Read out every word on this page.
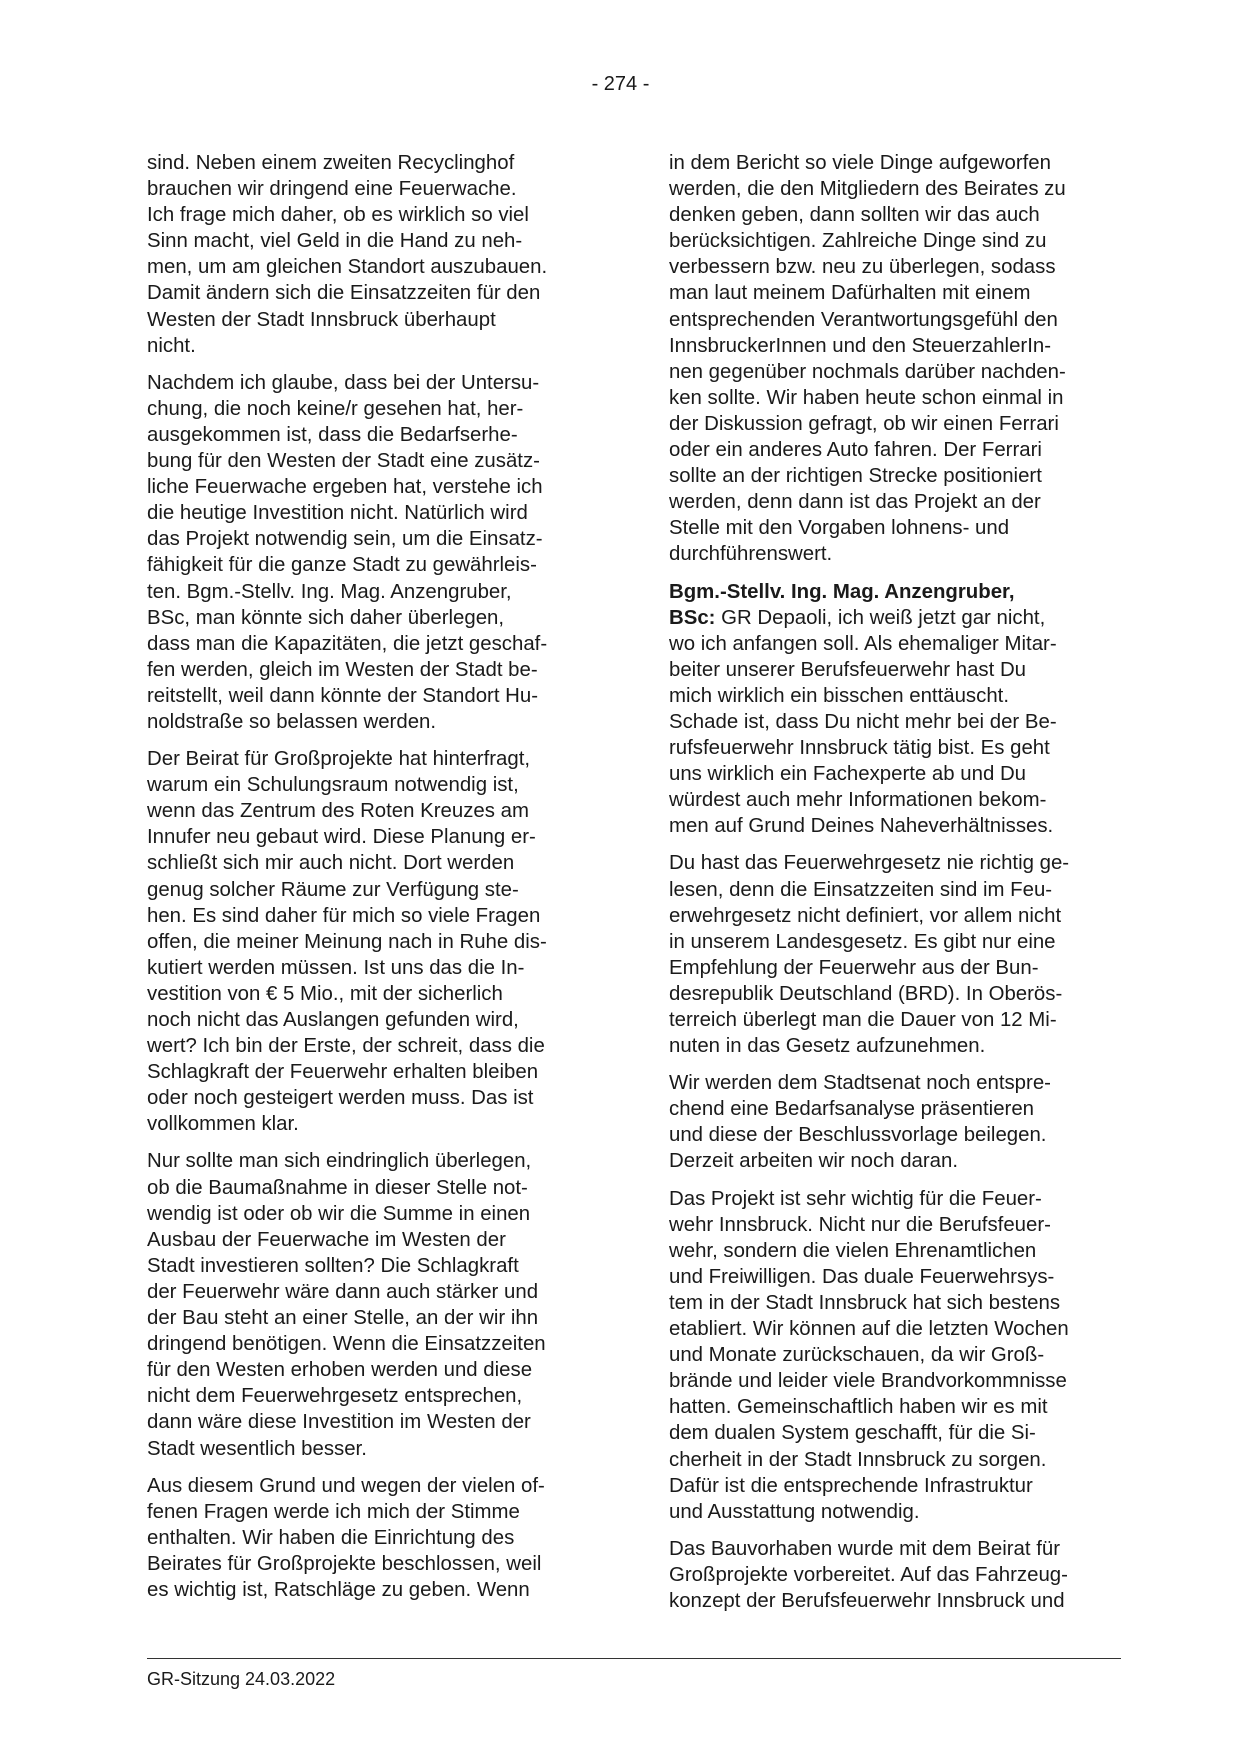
- 274 -

sind. Neben einem zweiten Recyclinghof
brauchen wir dringend eine Feuerwache.
Ich frage mich daher, ob es wirklich so viel
Sinn macht, viel Geld in die Hand zu neh-
men, um am gleichen Standort auszubauen.
Damit ändern sich die Einsatzzeiten für den
Westen der Stadt Innsbruck überhaupt
nicht.

Nachdem ich glaube, dass bei der Untersu-
chung, die noch keine/r gesehen hat, her-
ausgekommen ist, dass die Bedarfserhe-
bung für den Westen der Stadt eine zusätz-
liche Feuerwache ergeben hat, verstehe ich
die heutige Investition nicht. Natürlich wird
das Projekt notwendig sein, um die Einsatz-
fähigkeit für die ganze Stadt zu gewährleis-
ten. Bgm.-Stellv. Ing. Mag. Anzengruber,
BSc, man könnte sich daher überlegen,
dass man die Kapazitäten, die jetzt geschaf-
fen werden, gleich im Westen der Stadt be-
reitstellt, weil dann könnte der Standort Hu-
noldstraße so belassen werden.

Der Beirat für Großprojekte hat hinterfragt,
warum ein Schulungsraum notwendig ist,
wenn das Zentrum des Roten Kreuzes am
Innufer neu gebaut wird. Diese Planung er-
schließt sich mir auch nicht. Dort werden
genug solcher Räume zur Verfügung ste-
hen. Es sind daher für mich so viele Fragen
offen, die meiner Meinung nach in Ruhe dis-
kutiert werden müssen. Ist uns das die In-
vestition von € 5 Mio., mit der sicherlich
noch nicht das Auslangen gefunden wird,
wert? Ich bin der Erste, der schreit, dass die
Schlagkraft der Feuerwehr erhalten bleiben
oder noch gesteigert werden muss. Das ist
vollkommen klar.

Nur sollte man sich eindringlich überlegen,
ob die Baumaßnahme in dieser Stelle not-
wendig ist oder ob wir die Summe in einen
Ausbau der Feuerwache im Westen der
Stadt investieren sollten? Die Schlagkraft
der Feuerwehr wäre dann auch stärker und
der Bau steht an einer Stelle, an der wir ihn
dringend benötigen. Wenn die Einsatzzeiten
für den Westen erhoben werden und diese
nicht dem Feuerwehrgesetz entsprechen,
dann wäre diese Investition im Westen der
Stadt wesentlich besser.

Aus diesem Grund und wegen der vielen of-
fenen Fragen werde ich mich der Stimme
enthalten. Wir haben die Einrichtung des
Beirates für Großprojekte beschlossen, weil
es wichtig ist, Ratschläge zu geben. Wenn

in dem Bericht so viele Dinge aufgeworfen
werden, die den Mitgliedern des Beirates zu
denken geben, dann sollten wir das auch
berücksichtigen. Zahlreiche Dinge sind zu
verbessern bzw. neu zu überlegen, sodass
man laut meinem Dafürhalten mit einem
entsprechenden Verantwortungsgefühl den
InnsbruckerInnen und den SteuerzahlerIn-
nen gegenüber nochmals darüber nachden-
ken sollte. Wir haben heute schon einmal in
der Diskussion gefragt, ob wir einen Ferrari
oder ein anderes Auto fahren. Der Ferrari
sollte an der richtigen Strecke positioniert
werden, denn dann ist das Projekt an der
Stelle mit den Vorgaben lohnens- und
durchführenswert.

Bgm.-Stellv. Ing. Mag. Anzengruber,
BSc: GR Depaoli, ich weiß jetzt gar nicht,
wo ich anfangen soll. Als ehemaliger Mitar-
beiter unserer Berufsfeuerwehr hast Du
mich wirklich ein bisschen enttäuscht.
Schade ist, dass Du nicht mehr bei der Be-
rufsfeuerwehr Innsbruck tätig bist. Es geht
uns wirklich ein Fachexperte ab und Du
würdest auch mehr Informationen bekom-
men auf Grund Deines Naheverhältnisses.

Du hast das Feuerwehrgesetz nie richtig ge-
lesen, denn die Einsatzzeiten sind im Feu-
erwehrgesetz nicht definiert, vor allem nicht
in unserem Landesgesetz. Es gibt nur eine
Empfehlung der Feuerwehr aus der Bun-
desrepublik Deutschland (BRD). In Oberös-
terreich überlegt man die Dauer von 12 Mi-
nuten in das Gesetz aufzunehmen.

Wir werden dem Stadtsenat noch entspre-
chend eine Bedarfsanalyse präsentieren
und diese der Beschlussvorlage beilegen.
Derzeit arbeiten wir noch daran.

Das Projekt ist sehr wichtig für die Feuer-
wehr Innsbruck. Nicht nur die Berufsfeuer-
wehr, sondern die vielen Ehrenamtlichen
und Freiwilligen. Das duale Feuerwehrsys-
tem in der Stadt Innsbruck hat sich bestens
etabliert. Wir können auf die letzten Wochen
und Monate zurückschauen, da wir Groß-
brände und leider viele Brandvorkommnisse
hatten. Gemeinschaftlich haben wir es mit
dem dualen System geschafft, für die Si-
cherheit in der Stadt Innsbruck zu sorgen.
Dafür ist die entsprechende Infrastruktur
und Ausstattung notwendig.

Das Bauvorhaben wurde mit dem Beirat für
Großprojekte vorbereitet. Auf das Fahrzeug-
konzept der Berufsfeuerwehr Innsbruck und

GR-Sitzung 24.03.2022
